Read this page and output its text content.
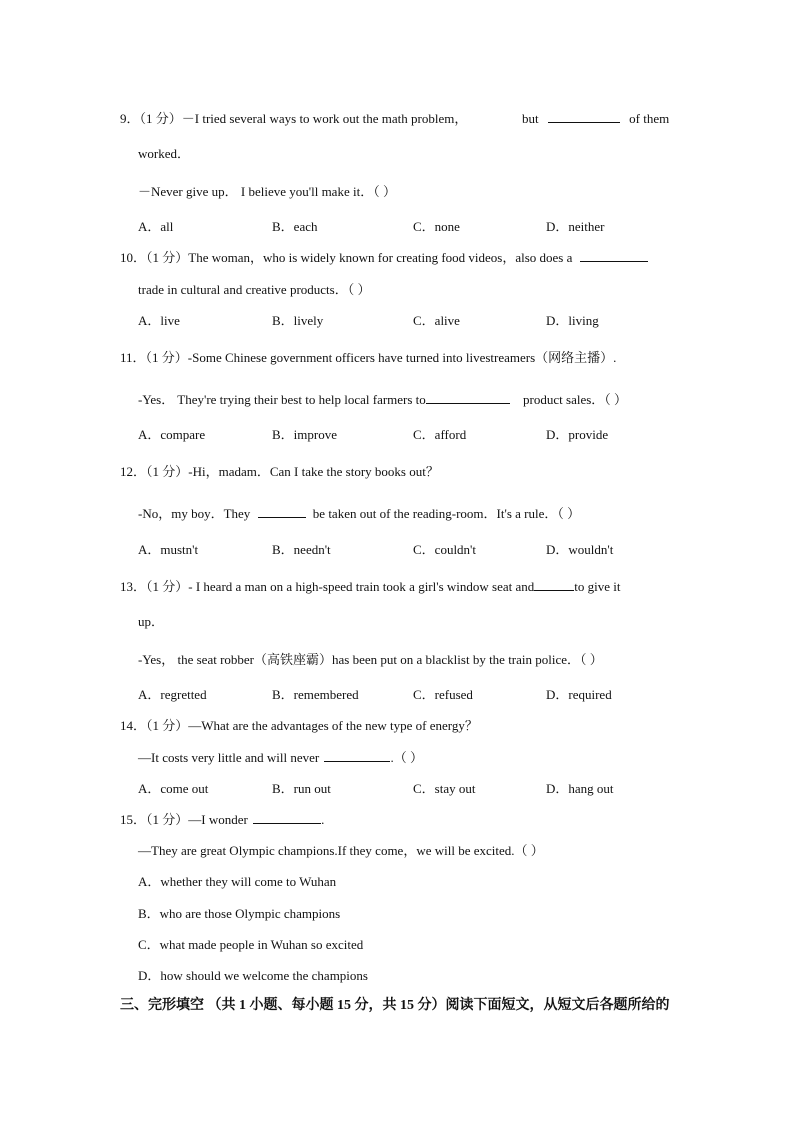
9．（1 分）－I tried several ways to work out the math problem，	but	of them
worked．
－Never give up． I believe you'll make it．（ ）
A．all	B．each	C．none	D．neither
10．（1 分）The woman，who is widely known for creating food videos，also does a
trade in cultural and creative products．（ ）
A．live	B．lively	C．alive	D．living
11．（1 分）-Some Chinese government officers have turned into livestreamers（网络主播）.
-Yes． They're trying their best to help local farmers to	product sales．（ ）
A．compare	B．improve	C．afford	D．provide
12．（1 分）-Hi，madam．Can I take the story books out？
-No，my boy．They	be taken out of the reading-room．It's a rule．（ ）
A．mustn't	B．needn't	C．couldn't	D．wouldn't
13．（1 分）- I heard a man on a high-speed train took a girl's window seat and	to give it
up．
-Yes， the seat robber（高铁座霸）has been put on a blacklist by the train police．（ ）
A．regretted	B．remembered	C．refused	D．required
14．（1 分）—What are the advantages of the new type of energy？
—It costs very little and will never	.（ ）
A．come out	B．run out	C．stay out	D．hang out
15．（1 分）—I wonder	.
—They are great Olympic champions.If they come，we will be excited.（ ）
A．whether they will come to Wuhan
B．who are those Olympic champions
C．what made people in Wuhan so excited
D．how should we welcome the champions
三、完形填空 （共 1 小题、每小题 15 分，共 15 分）阅读下面短文，从短文后各题所给的
